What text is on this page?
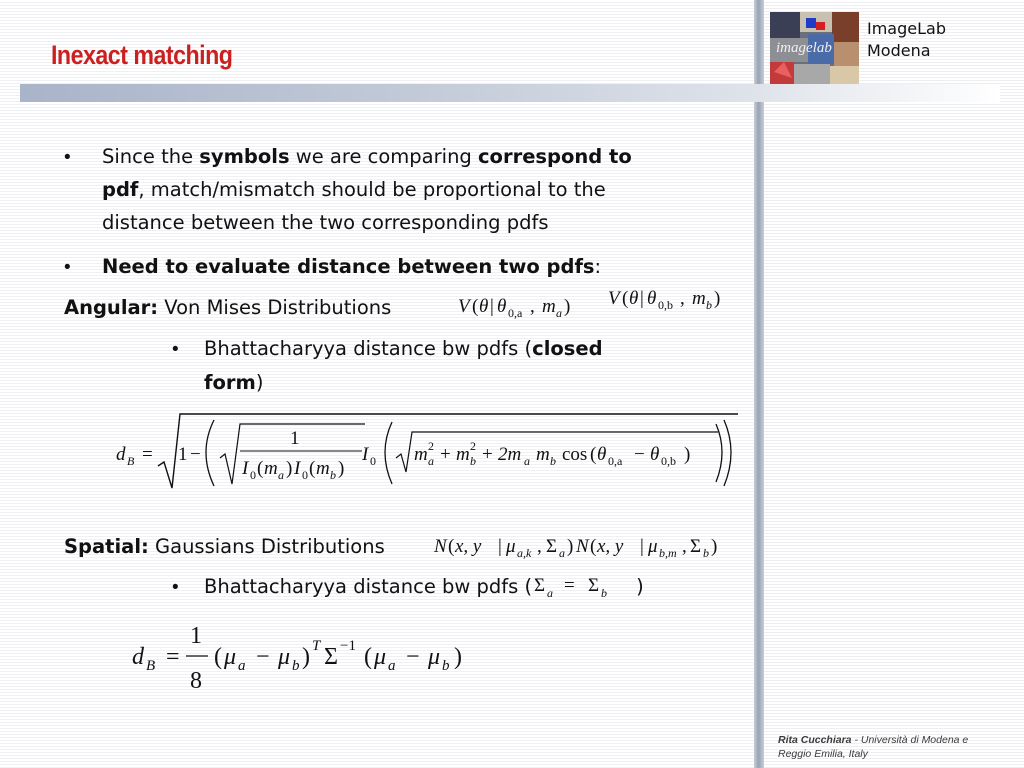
Inexact matching	imagelab
ImageLab
Modena
• Since the symbols we are comparing correspond to
pdf, match/mismatch should be proportional to the
distance between the two corresponding pdfs
• Need to evaluate distance between two pdfs:
Angular: Von Mises Distributions	V ( θ | θ 0,a , m a ) V ( θ | θ 0,b , m b )
• Bhattacharyya distance bw pdfs (closed
form)
d B = 1 −
1
I 0 ( m a ) I 0 ( m b )
I 0 m 2
a + m 2
b + 2m a m b cos ( θ 0,a − θ 0,b )
Spatial: Gaussians Distributions	N ( x, y | μ a,k , Σ a ) N ( x, y | μ b,m , Σ b )
• Bhattacharyya distance bw pdfs ( Σ a = Σ b )
d B =
1
8
( μ a − μ b ) T Σ −1 ( μ a − μ b )
Rita Cucchiara - Università di Modena e Reggio Emilia, Italy
